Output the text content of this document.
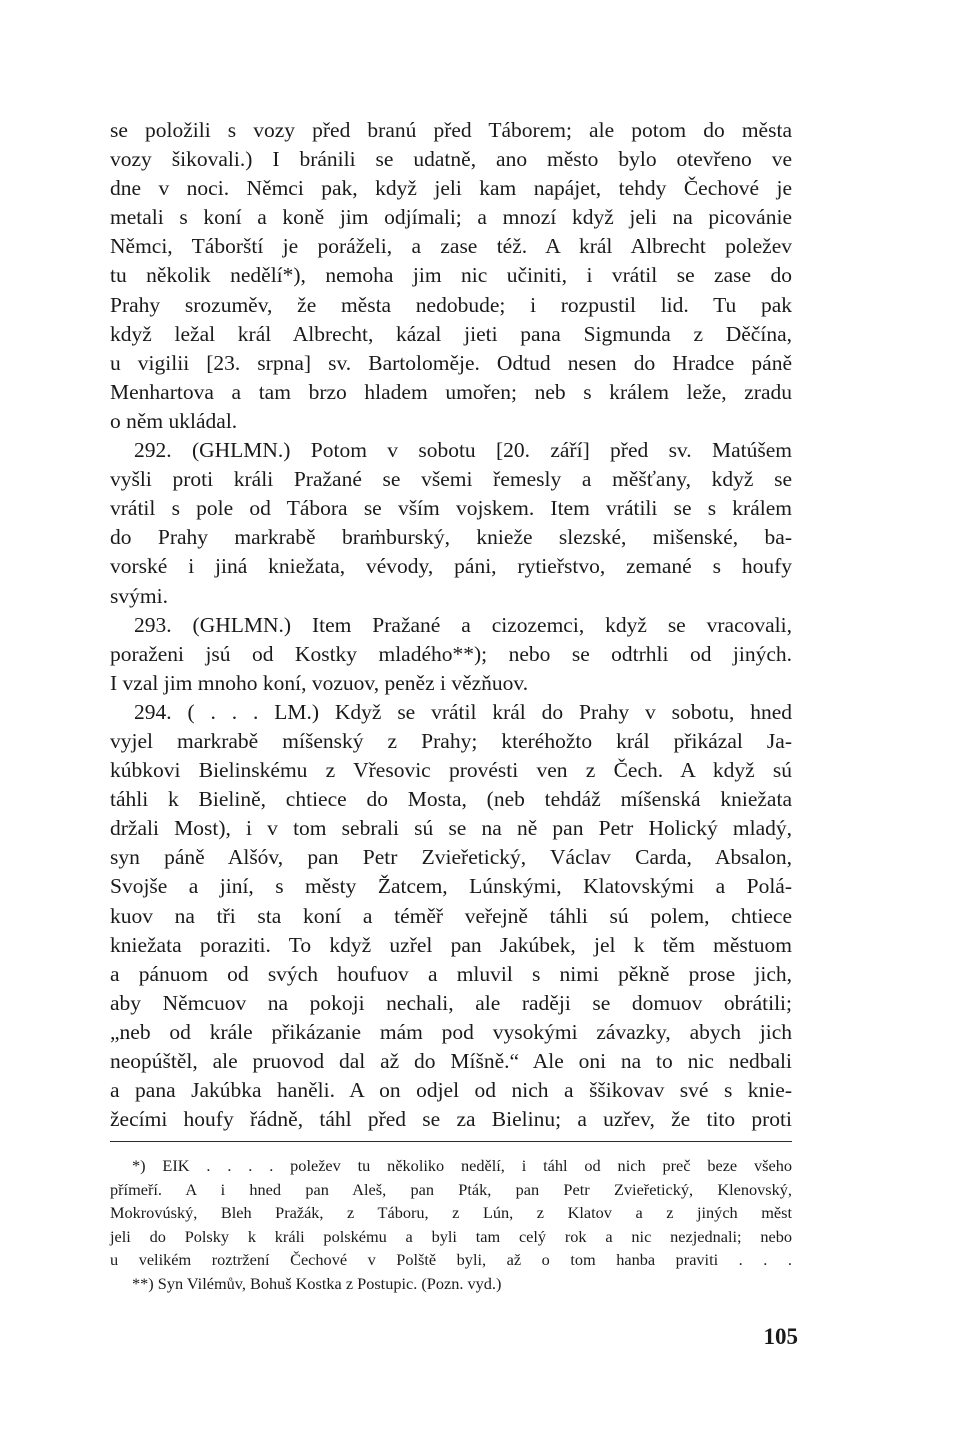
se položili s vozy před branú před Táborem; ale potom do města
vozy šikovali.) I bránili se udatně, ano město bylo otevřeno ve
dne v noci. Němci pak, když jeli kam napájet, tehdy Čechové je
metali s koní a koně jim odjímali; a mnozí když jeli na picovánie
Němci, Táborští je poráželi, a zase též. A král Albrecht poležev
tu několik nedělí*), nemoha jim nic učiniti, i vrátil se zase do
Prahy srozuměv, že města nedobude; i rozpustil lid. Tu pak
když ležal král Albrecht, kázal jieti pana Sigmunda z Děčína,
u vigilii [23. srpna] sv. Bartoloměje. Odtud nesen do Hradce páně
Menhartova a tam brzo hladem umořen; neb s králem leže, zradu
o něm ukládal.
292. (GHLMN.) Potom v sobotu [20. září] před sv. Matúšem
vyšli proti králi Pražané se všemi řemesly a měšťany, když se
vrátil s pole od Tábora se vším vojskem. Item vrátili se s králem
do Prahy markrabě braṁburský, knieže slezské, mišenské, ba-
vorské i jiná kniežata, vévody, páni, rytieřstvo, zemané s houfy
svými.
293. (GHLMN.) Item Pražané a cizozemci, když se vracovali,
poraženi jsú od Kostky mladého**); nebo se odtrhli od jiných.
I vzal jim mnoho koní, vozuov, peněz i vězňuov.
294. ( . . . LM.) Když se vrátil král do Prahy v sobotu, hned
vyjel markrabě míšenský z Prahy; kteréhožto král přikázal Ja-
kúbkovi Bielinskému z Vřesovic provésti ven z Čech. A když sú
táhli k Bielině, chtiece do Mosta, (neb tehdáž míšenská kniežata
držali Most), i v tom sebrali sú se na ně pan Petr Holický mladý,
syn páně Alšóv, pan Petr Zvieřetický, Václav Carda, Absalon,
Svojše a jiní, s městy Žatcem, Lúnskými, Klatovskými a Polá-
kuov na tři sta koní a téměř veřejně táhli sú polem, chtiece
kniežata poraziti. To když uzřel pan Jakúbek, jel k těm městuom
a pánuom od svých houfuov a mluvil s nimi pěkně prose jich,
aby Němcuov na pokoji nechali, ale raději se domuov obrátili;
„neb od krále přikázanie mám pod vysokými závazky, abych jich
neopúštěl, ale pruovod dal až do Míšně.“ Ale oni na to nic nedbali
a pana Jakúbka haněli. A on odjel od nich a ššikovav své s knie-
žecími houfy řádně, táhl před se za Bielinu; a uzřev, že tito proti
*) EIK . . . . poležev tu několiko nedělí, i táhl od nich preč beze všeho
přímeří. A i hned pan Aleš, pan Pták, pan Petr Zvieřetický, Klenovský,
Mokrovúský, Bleh Pražák, z Táboru, z Lún, z Klatov a z jiných měst
jeli do Polsky k králi polskému a byli tam celý rok a nic nezjednali; nebo
u velikém roztržení Čechové v Polště byli, až o tom hanba praviti . . .
**) Syn Vilémův, Bohuš Kostka z Postupic. (Pozn. vyd.)
105
